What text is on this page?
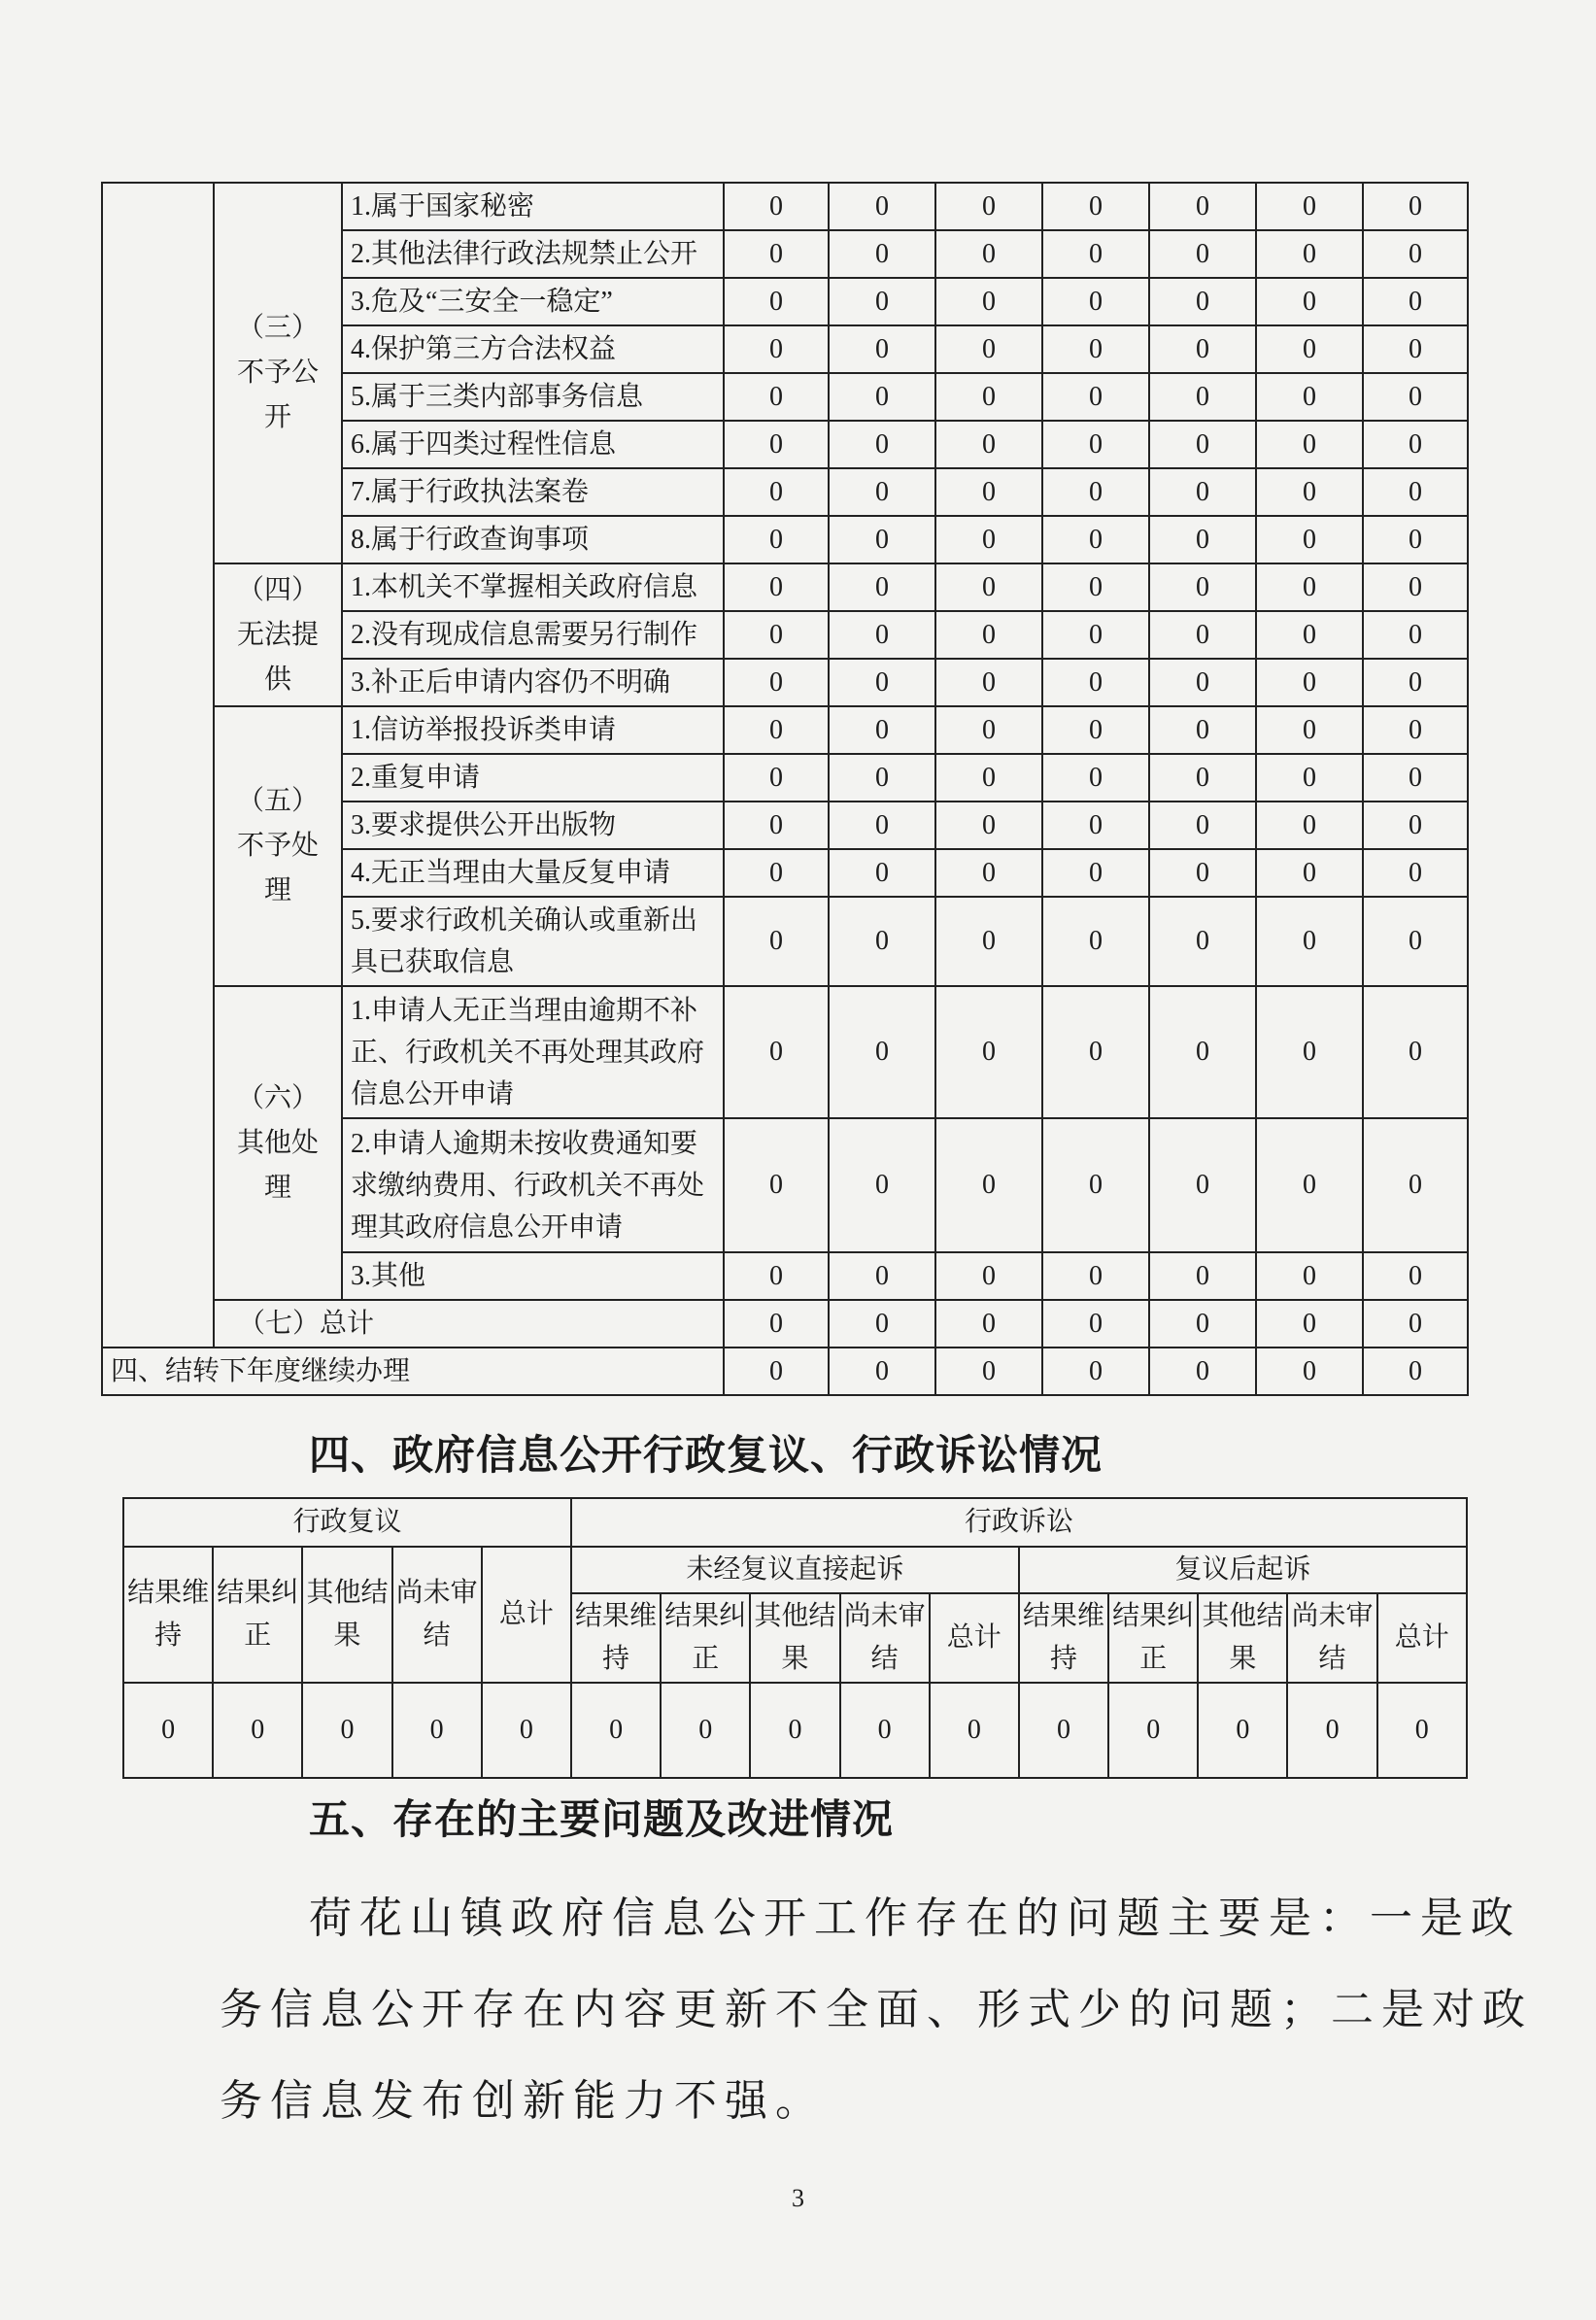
	（三）不予公开	1.属于国家秘密	0	0	0	0	0	0	0
		2.其他法律行政法规禁止公开	0	0	0	0	0	0	0
		3.危及“三安全一稳定”	0	0	0	0	0	0	0
		4.保护第三方合法权益	0	0	0	0	0	0	0
		5.属于三类内部事务信息	0	0	0	0	0	0	0
		6.属于四类过程性信息	0	0	0	0	0	0	0
		7.属于行政执法案卷	0	0	0	0	0	0	0
		8.属于行政查询事项	0	0	0	0	0	0	0
	（四）无法提供	1.本机关不掌握相关政府信息	0	0	0	0	0	0	0
		2.没有现成信息需要另行制作	0	0	0	0	0	0	0
		3.补正后申请内容仍不明确	0	0	0	0	0	0	0
	（五）不予处理	1.信访举报投诉类申请	0	0	0	0	0	0	0
		2.重复申请	0	0	0	0	0	0	0
		3.要求提供公开出版物	0	0	0	0	0	0	0
		4.无正当理由大量反复申请	0	0	0	0	0	0	0
		5.要求行政机关确认或重新出具已获取信息	0	0	0	0	0	0	0
	（六）其他处理	1.申请人无正当理由逾期不补正、行政机关不再处理其政府信息公开申请	0	0	0	0	0	0	0
		2.申请人逾期未按收费通知要求缴纳费用、行政机关不再处理其政府信息公开申请	0	0	0	0	0	0	0
		3.其他	0	0	0	0	0	0	0
	（七）总计		0	0	0	0	0	0	0
四、结转下年度继续办理			0	0	0	0	0	0	0
四、政府信息公开行政复议、行政诉讼情况
行政复议					行政诉讼									
结果维持	结果纠正	其他结果	尚未审结	总计	未经复议直接起诉					复议后起诉				
					结果维持	结果纠正	其他结果	尚未审结	总计	结果维持	结果纠正	其他结果	尚未审结	总计
0	0	0	0	0	0	0	0	0	0	0	0	0	0	0
五、存在的主要问题及改进情况
荷花山镇政府信息公开工作存在的问题主要是：一是政
务信息公开存在内容更新不全面、形式少的问题；二是对政
务信息发布创新能力不强。
3
